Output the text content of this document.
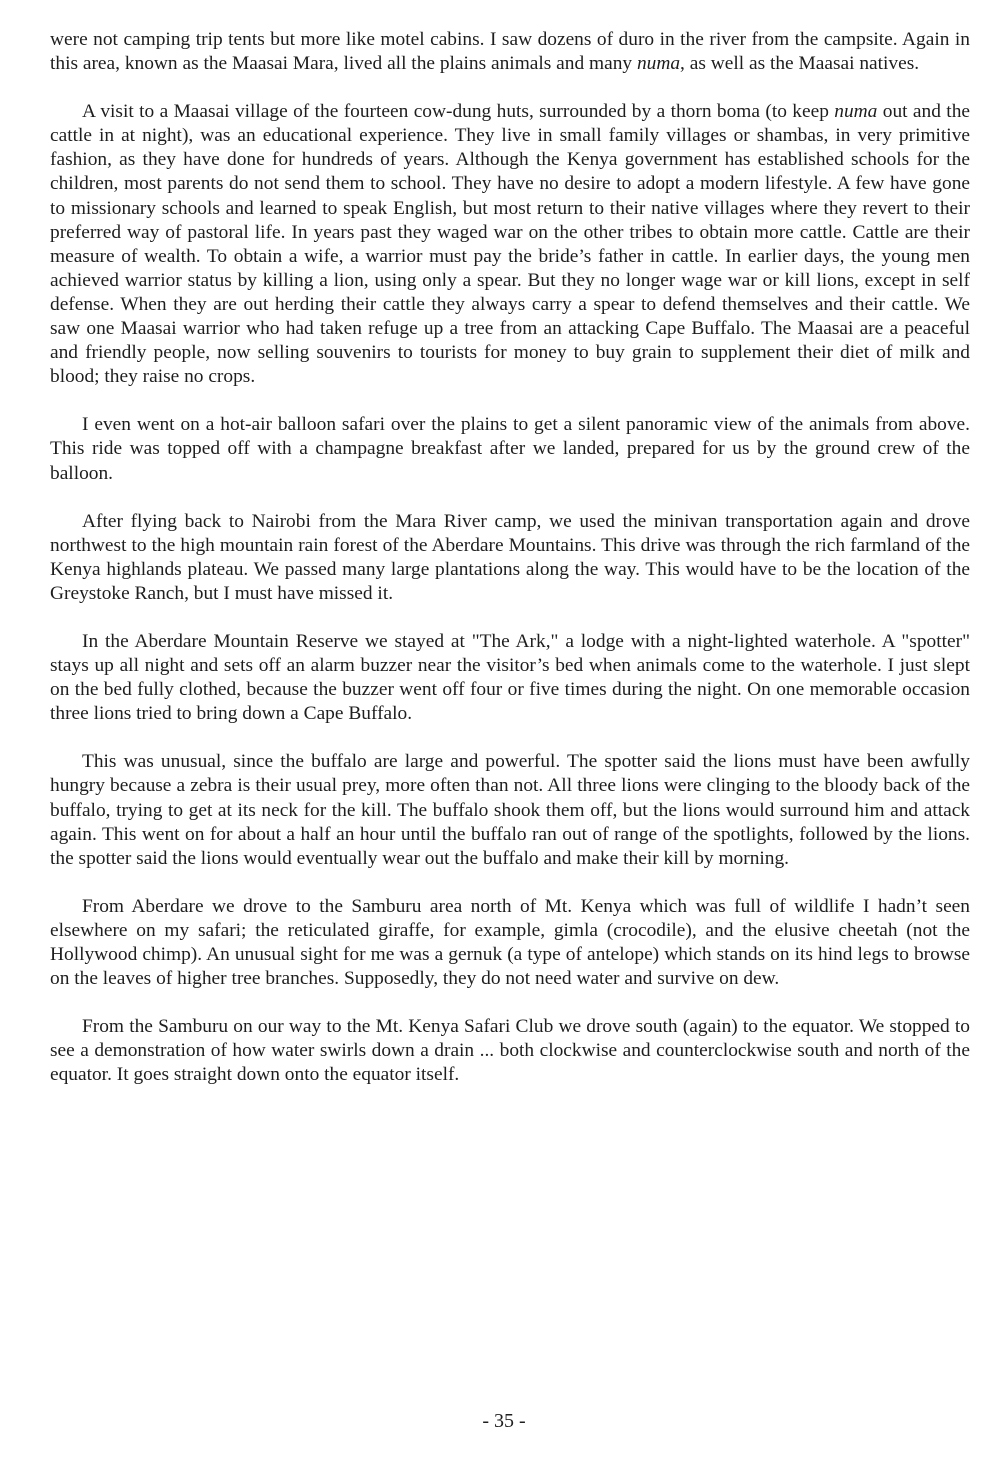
were not camping trip tents but more like motel cabins. I saw dozens of duro in the river from the campsite. Again in this area, known as the Maasai Mara, lived all the plains animals and many numa, as well as the Maasai natives.

A visit to a Maasai village of the fourteen cow-dung huts, surrounded by a thorn boma (to keep numa out and the cattle in at night), was an educational experience. They live in small family villages or shambas, in very primitive fashion, as they have done for hundreds of years. Although the Kenya government has established schools for the children, most parents do not send them to school. They have no desire to adopt a modern lifestyle. A few have gone to missionary schools and learned to speak English, but most return to their native villages where they revert to their preferred way of pastoral life. In years past they waged war on the other tribes to obtain more cattle. Cattle are their measure of wealth. To obtain a wife, a warrior must pay the bride’s father in cattle. In earlier days, the young men achieved warrior status by killing a lion, using only a spear. But they no longer wage war or kill lions, except in self defense. When they are out herding their cattle they always carry a spear to defend themselves and their cattle. We saw one Maasai warrior who had taken refuge up a tree from an attacking Cape Buffalo. The Maasai are a peaceful and friendly people, now selling souvenirs to tourists for money to buy grain to supplement their diet of milk and blood; they raise no crops.

I even went on a hot-air balloon safari over the plains to get a silent panoramic view of the animals from above. This ride was topped off with a champagne breakfast after we landed, prepared for us by the ground crew of the balloon.

After flying back to Nairobi from the Mara River camp, we used the minivan transportation again and drove northwest to the high mountain rain forest of the Aberdare Mountains. This drive was through the rich farmland of the Kenya highlands plateau. We passed many large plantations along the way. This would have to be the location of the Greystoke Ranch, but I must have missed it.

In the Aberdare Mountain Reserve we stayed at "The Ark," a lodge with a night-lighted waterhole. A "spotter" stays up all night and sets off an alarm buzzer near the visitor’s bed when animals come to the waterhole. I just slept on the bed fully clothed, because the buzzer went off four or five times during the night. On one memorable occasion three lions tried to bring down a Cape Buffalo.

This was unusual, since the buffalo are large and powerful. The spotter said the lions must have been awfully hungry because a zebra is their usual prey, more often than not. All three lions were clinging to the bloody back of the buffalo, trying to get at its neck for the kill. The buffalo shook them off, but the lions would surround him and attack again. This went on for about a half an hour until the buffalo ran out of range of the spotlights, followed by the lions. the spotter said the lions would eventually wear out the buffalo and make their kill by morning.

From Aberdare we drove to the Samburu area north of Mt. Kenya which was full of wildlife I hadn’t seen elsewhere on my safari; the reticulated giraffe, for example, gimla (crocodile), and the elusive cheetah (not the Hollywood chimp). An unusual sight for me was a gernuk (a type of antelope) which stands on its hind legs to browse on the leaves of higher tree branches. Supposedly, they do not need water and survive on dew.

From the Samburu on our way to the Mt. Kenya Safari Club we drove south (again) to the equator. We stopped to see a demonstration of how water swirls down a drain ... both clockwise and counterclockwise south and north of the equator. It goes straight down onto the equator itself.

- 35 -
